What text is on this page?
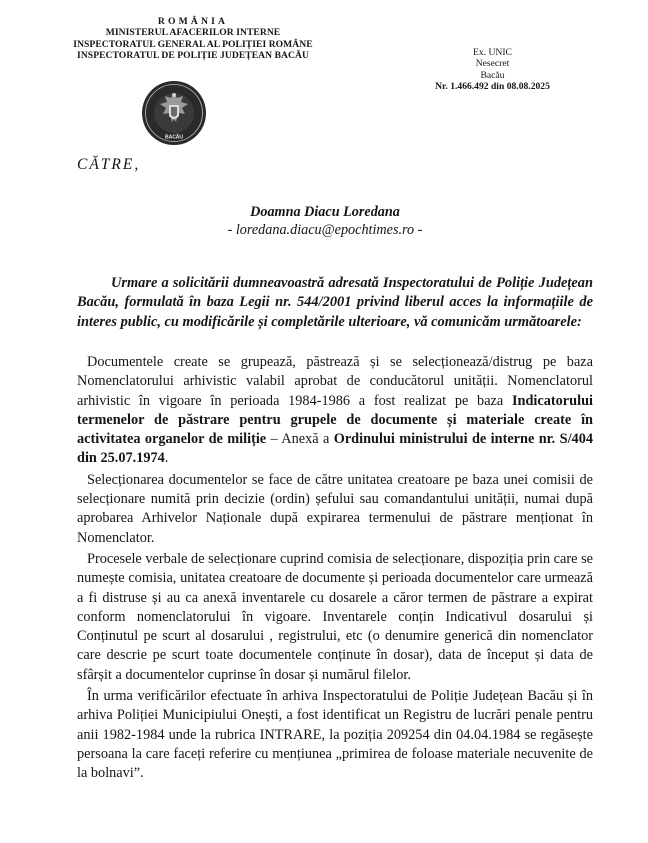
ROMÂNIA
MINISTERUL AFACERILOR INTERNE
INSPECTORATUL GENERAL AL POLIȚIEI ROMÂNE
INSPECTORATUL DE POLIȚIE JUDEȚEAN BACĂU
BACĂU
Ex. UNIC
Nesecret
Bacău
Nr. 1.466.492 din 08.08.2025
CĂTRE,
Doamna Diacu Loredana
- loredana.diacu@epochtimes.ro -
Urmare a solicitării dumneavoastră adresată Inspectoratului de Poliție Județean Bacău, formulată în baza Legii nr. 544/2001 privind liberul acces la informațiile de interes public, cu modificările și completările ulterioare, vă comunicăm următoarele:

Documentele create se grupează, păstrează și se selecționează/distrug pe baza Nomenclatorului arhivistic valabil aprobat de conducătorul unității. Nomenclatorul arhivistic în vigoare în perioada 1984-1986 a fost realizat pe baza Indicatorului termenelor de păstrare pentru grupele de documente și materiale create în activitatea organelor de miliție – Anexă a Ordinului ministrului de interne nr. S/404 din 25.07.1974.

Selecționarea documentelor se face de către unitatea creatoare pe baza unei comisii de selecționare numită prin decizie (ordin) șefului sau comandantului unității, numai după aprobarea Arhivelor Naționale după expirarea termenului de păstrare menționat în Nomenclator.

Procesele verbale de selecționare cuprind comisia de selecționare, dispoziția prin care se numește comisia, unitatea creatoare de documente și perioada documentelor care urmează a fi distruse și au ca anexă inventarele cu dosarele a căror termen de păstrare a expirat conform nomenclatorului în vigoare. Inventarele conțin Indicativul dosarului și Conținutul pe scurt al dosarului , registrului, etc (o denumire generică din nomenclator care descrie pe scurt toate documentele conținute în dosar), data de început și data de sfârșit a documentelor cuprinse în dosar și numărul filelor.

În urma verificărilor efectuate în arhiva Inspectoratului de Poliție Județean Bacău și în arhiva Poliției Municipiului Onești, a fost identificat un Registru de lucrări penale pentru anii 1982-1984 unde la rubrica INTRARE, la poziția 209254 din 04.04.1984 se regăsește persoana la care faceți referire cu mențiunea „primirea de foloase materiale necuvenite de la bolnavi”.
